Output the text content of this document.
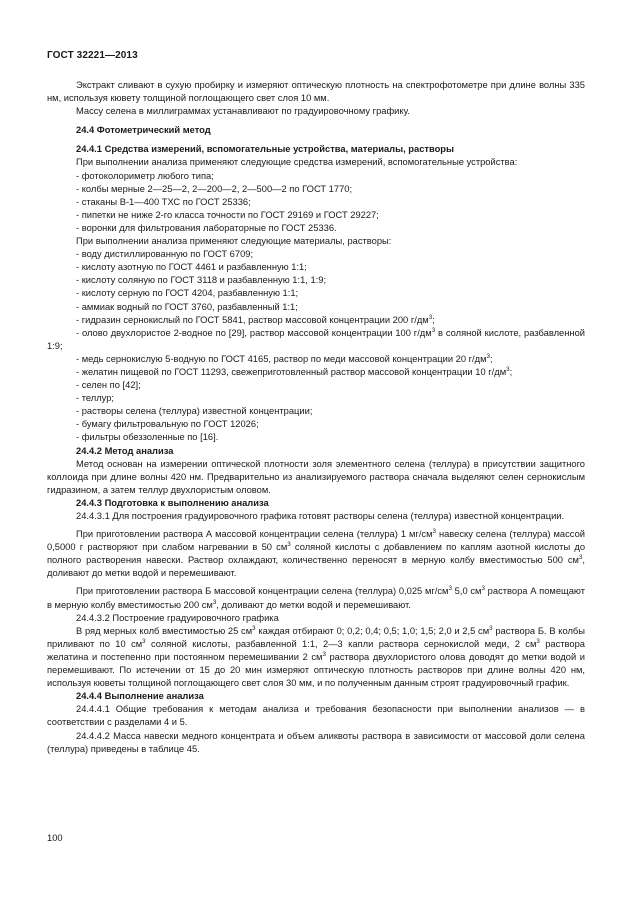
ГОСТ 32221—2013

Экстракт сливают в сухую пробирку и измеряют оптическую плотность на спектрофотометре при длине волны 335 нм, используя кювету толщиной поглощающего свет слоя 10 мм.

Массу селена в миллиграммах устанавливают по градуировочному графику.

24.4 Фотометрический метод

24.4.1 Средства измерений, вспомогательные устройства, материалы, растворы

При выполнении анализа применяют следующие средства измерений, вспомогательные устройства:

- фотоколориметр любого типа;

- колбы мерные 2—25—2, 2—200—2, 2—500—2 по ГОСТ 1770;

- стаканы В-1—400 ТХС по ГОСТ 25336;

- пипетки не ниже 2-го класса точности по ГОСТ 29169 и ГОСТ 29227;

- воронки для фильтрования лабораторные по ГОСТ 25336.

При выполнении анализа применяют следующие материалы, растворы:

- воду дистиллированную по ГОСТ 6709;

- кислоту азотную по ГОСТ 4461 и разбавленную 1:1;

- кислоту соляную по ГОСТ 3118 и разбавленную 1:1, 1:9;

- кислоту серную по ГОСТ 4204, разбавленную 1:1;

- аммиак водный по ГОСТ 3760, разбавленный 1:1;

- гидразин сернокислый по ГОСТ 5841, раствор массовой концентрации 200 $г/дм^3$;

- олово двухлористое 2-водное по [29], раствор массовой концентрации 100 $г/дм^3$ в соляной кислоте, разбавленной 1:9;

- медь сернокислую 5-водную по ГОСТ 4165, раствор по меди массовой концентрации 20 $г/дм^3$;

- желатин пищевой по ГОСТ 11293, свежеприготовленный раствор массовой концентрации 10 $г/дм^3$;

- селен по [42];

- теллур;

- растворы селена (теллура) известной концентрации;

- бумагу фильтровальную по ГОСТ 12026;

- фильтры обеззоленные по [16].

24.4.2 Метод анализа

Метод основан на измерении оптической плотности золя элементного селена (теллура) в присутствии защитного коллоида при длине волны 420 нм. Предварительно из анализируемого раствора сначала выделяют селен сернокислым гидразином, а затем теллур двухлористым оловом.

24.4.3 Подготовка к выполнению анализа

24.4.3.1 Для построения градуировочного графика готовят растворы селена (теллура) известной концентрации.

При приготовлении раствора А массовой концентрации селена (теллура) 1 $мг/см^3$ навеску селена (теллура) массой 0,5000 г растворяют при слабом нагревании в 50 $см^3$ соляной кислоты с добавлением по каплям азотной кислоты до полного растворения навески. Раствор охлаждают, количественно переносят в мерную колбу вместимостью 500 $см^3$, доливают до метки водой и перемешивают.

При приготовлении раствора Б массовой концентрации селена (теллура) 0,025 $мг/см^3$ 5,0 $см^3$ раствора А помещают в мерную колбу вместимостью 200 $см^3$, доливают до метки водой и перемешивают.

24.4.3.2 Построение градуировочного графика

В ряд мерных колб вместимостью 25 $см^3$ каждая отбирают 0; 0,2; 0,4; 0,5; 1,0; 1,5; 2,0 и 2,5 $см^3$ раствора Б. В колбы приливают по 10 $см^3$ соляной кислоты, разбавленной 1:1, 2—3 капли раствора сернокислой меди, 2 $см^3$ раствора желатина и постепенно при постоянном перемешивании 2 $см^3$ раствора двухлористого олова доводят до метки водой и перемешивают. По истечении от 15 до 20 мин измеряют оптическую плотность растворов при длине волны 420 нм, используя кюветы толщиной поглощающего свет слоя 30 мм, и по полученным данным строят градуировочный график.

24.4.4 Выполнение анализа

24.4.4.1 Общие требования к методам анализа и требования безопасности при выполнении анализов — в соответствии с разделами 4 и 5.

24.4.4.2 Масса навески медного концентрата и объем аликвоты раствора в зависимости от массовой доли селена (теллура) приведены в таблице 45.

100
